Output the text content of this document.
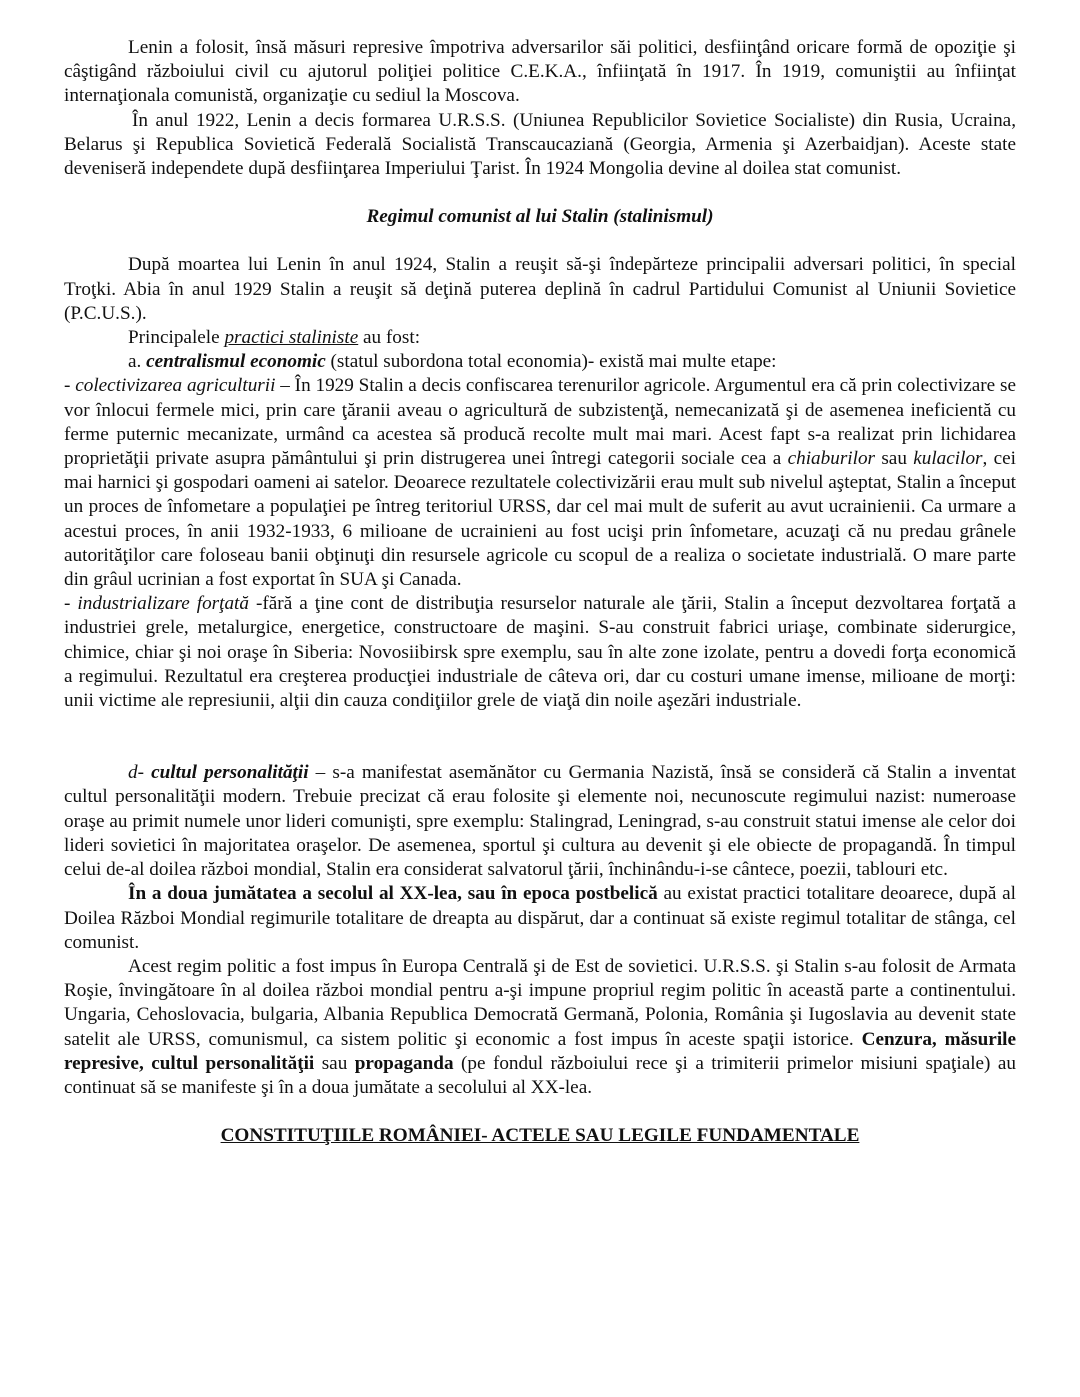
Lenin a folosit, însă măsuri represive împotriva adversarilor săi politici, desfiinţând oricare formă de opoziţie şi câştigând războiului civil cu ajutorul poliţiei politice C.E.K.A., înfiinţată în 1917. În 1919, comuniştii au înfiinţat internaţionala comunistă, organizaţie cu sediul la Moscova.

În anul 1922, Lenin a decis formarea U.R.S.S. (Uniunea Republicilor Sovietice Socialiste) din Rusia, Ucraina, Belarus şi Republica Sovietică Federală Socialistă Transcaucaziană (Georgia, Armenia şi Azerbaidjan). Aceste state deveniseră independete după desfiinţarea Imperiului Ţarist. În 1924 Mongolia devine al doilea stat comunist.

Regimul comunist al lui Stalin (stalinismul)

După moartea lui Lenin în anul 1924, Stalin a reuşit să-şi îndepărteze principalii adversari politici, în special Troţki. Abia în anul 1929 Stalin a reuşit să deţină puterea deplină în cadrul Partidului Comunist al Uniunii Sovietice (P.C.U.S.).

Principalele practici staliniste au fost:

a. centralismul economic (statul subordona total economia)- există mai multe etape:

- colectivizarea agriculturii – În 1929 Stalin a decis confiscarea terenurilor agricole. Argumentul era că prin colectivizare se vor înlocui fermele mici, prin care ţăranii aveau o agricultură de subzistenţă, nemecanizată şi de asemenea ineficientă cu ferme puternic mecanizate, urmând ca acestea să producă recolte mult mai mari. Acest fapt s-a realizat prin lichidarea proprietăţii private asupra pământului şi prin distrugerea unei întregi categorii sociale cea a chiaburilor sau kulacilor, cei mai harnici şi gospodari oameni ai satelor. Deoarece rezultatele colectivizării erau mult sub nivelul aşteptat, Stalin a început un proces de înfometare a populaţiei pe întreg teritoriul URSS, dar cel mai mult de suferit au avut ucrainienii. Ca urmare a acestui proces, în anii 1932-1933, 6 milioane de ucrainieni au fost ucişi prin înfometare, acuzaţi că nu predau grânele autorităţilor care foloseau banii obţinuţi din resursele agricole cu scopul de a realiza o societate industrială. O mare parte din grâul ucrinian a fost exportat în SUA şi Canada.

- industrializare forţată -fără a ţine cont de distribuţia resurselor naturale ale ţării, Stalin a început dezvoltarea forţată a industriei grele, metalurgice, energetice, constructoare de maşini. S-au construit fabrici uriaşe, combinate siderurgice, chimice, chiar şi noi oraşe în Siberia: Novosiibirsk spre exemplu, sau în alte zone izolate, pentru a dovedi forţa economică a regimului. Rezultatul era creşterea producţiei industriale de câteva ori, dar cu costuri umane imense, milioane de morţi: unii victime ale represiunii, alţii din cauza condiţiilor grele de viaţă din noile aşezări industriale.

d- cultul personalităţii – s-a manifestat asemănător cu Germania Nazistă, însă se consideră că Stalin a inventat cultul personalităţii modern. Trebuie precizat că erau folosite şi elemente noi, necunoscute regimului nazist: numeroase oraşe au primit numele unor lideri comunişti, spre exemplu: Stalingrad, Leningrad, s-au construit statui imense ale celor doi lideri sovietici în majoritatea oraşelor. De asemenea, sportul şi cultura au devenit şi ele obiecte de propagandă. În timpul celui de-al doilea război mondial, Stalin era considerat salvatorul ţării, închinându-i-se cântece, poezii, tablouri etc.

În a doua jumătatea a secolul al XX-lea, sau în epoca postbelică au existat practici totalitare deoarece, după al Doilea Război Mondial regimurile totalitare de dreapta au dispărut, dar a continuat să existe regimul totalitar de stânga, cel comunist.

Acest regim politic a fost impus în Europa Centrală şi de Est de sovietici. U.R.S.S. şi Stalin s-au folosit de Armata Roşie, învingătoare în al doilea război mondial pentru a-şi impune propriul regim politic în această parte a continentului. Ungaria, Cehoslovacia, bulgaria, Albania Republica Democrată Germană, Polonia, România şi Iugoslavia au devenit state satelit ale URSS, comunismul, ca sistem politic şi economic a fost impus în aceste spaţii istorice. Cenzura, măsurile represive, cultul personalităţii sau propaganda (pe fondul războiului rece şi a trimiterii primelor misiuni spaţiale) au continuat să se manifeste şi în a doua jumătate a secolului al XX-lea.

CONSTITUŢIILE ROMÂNIEI- ACTELE SAU LEGILE FUNDAMENTALE
